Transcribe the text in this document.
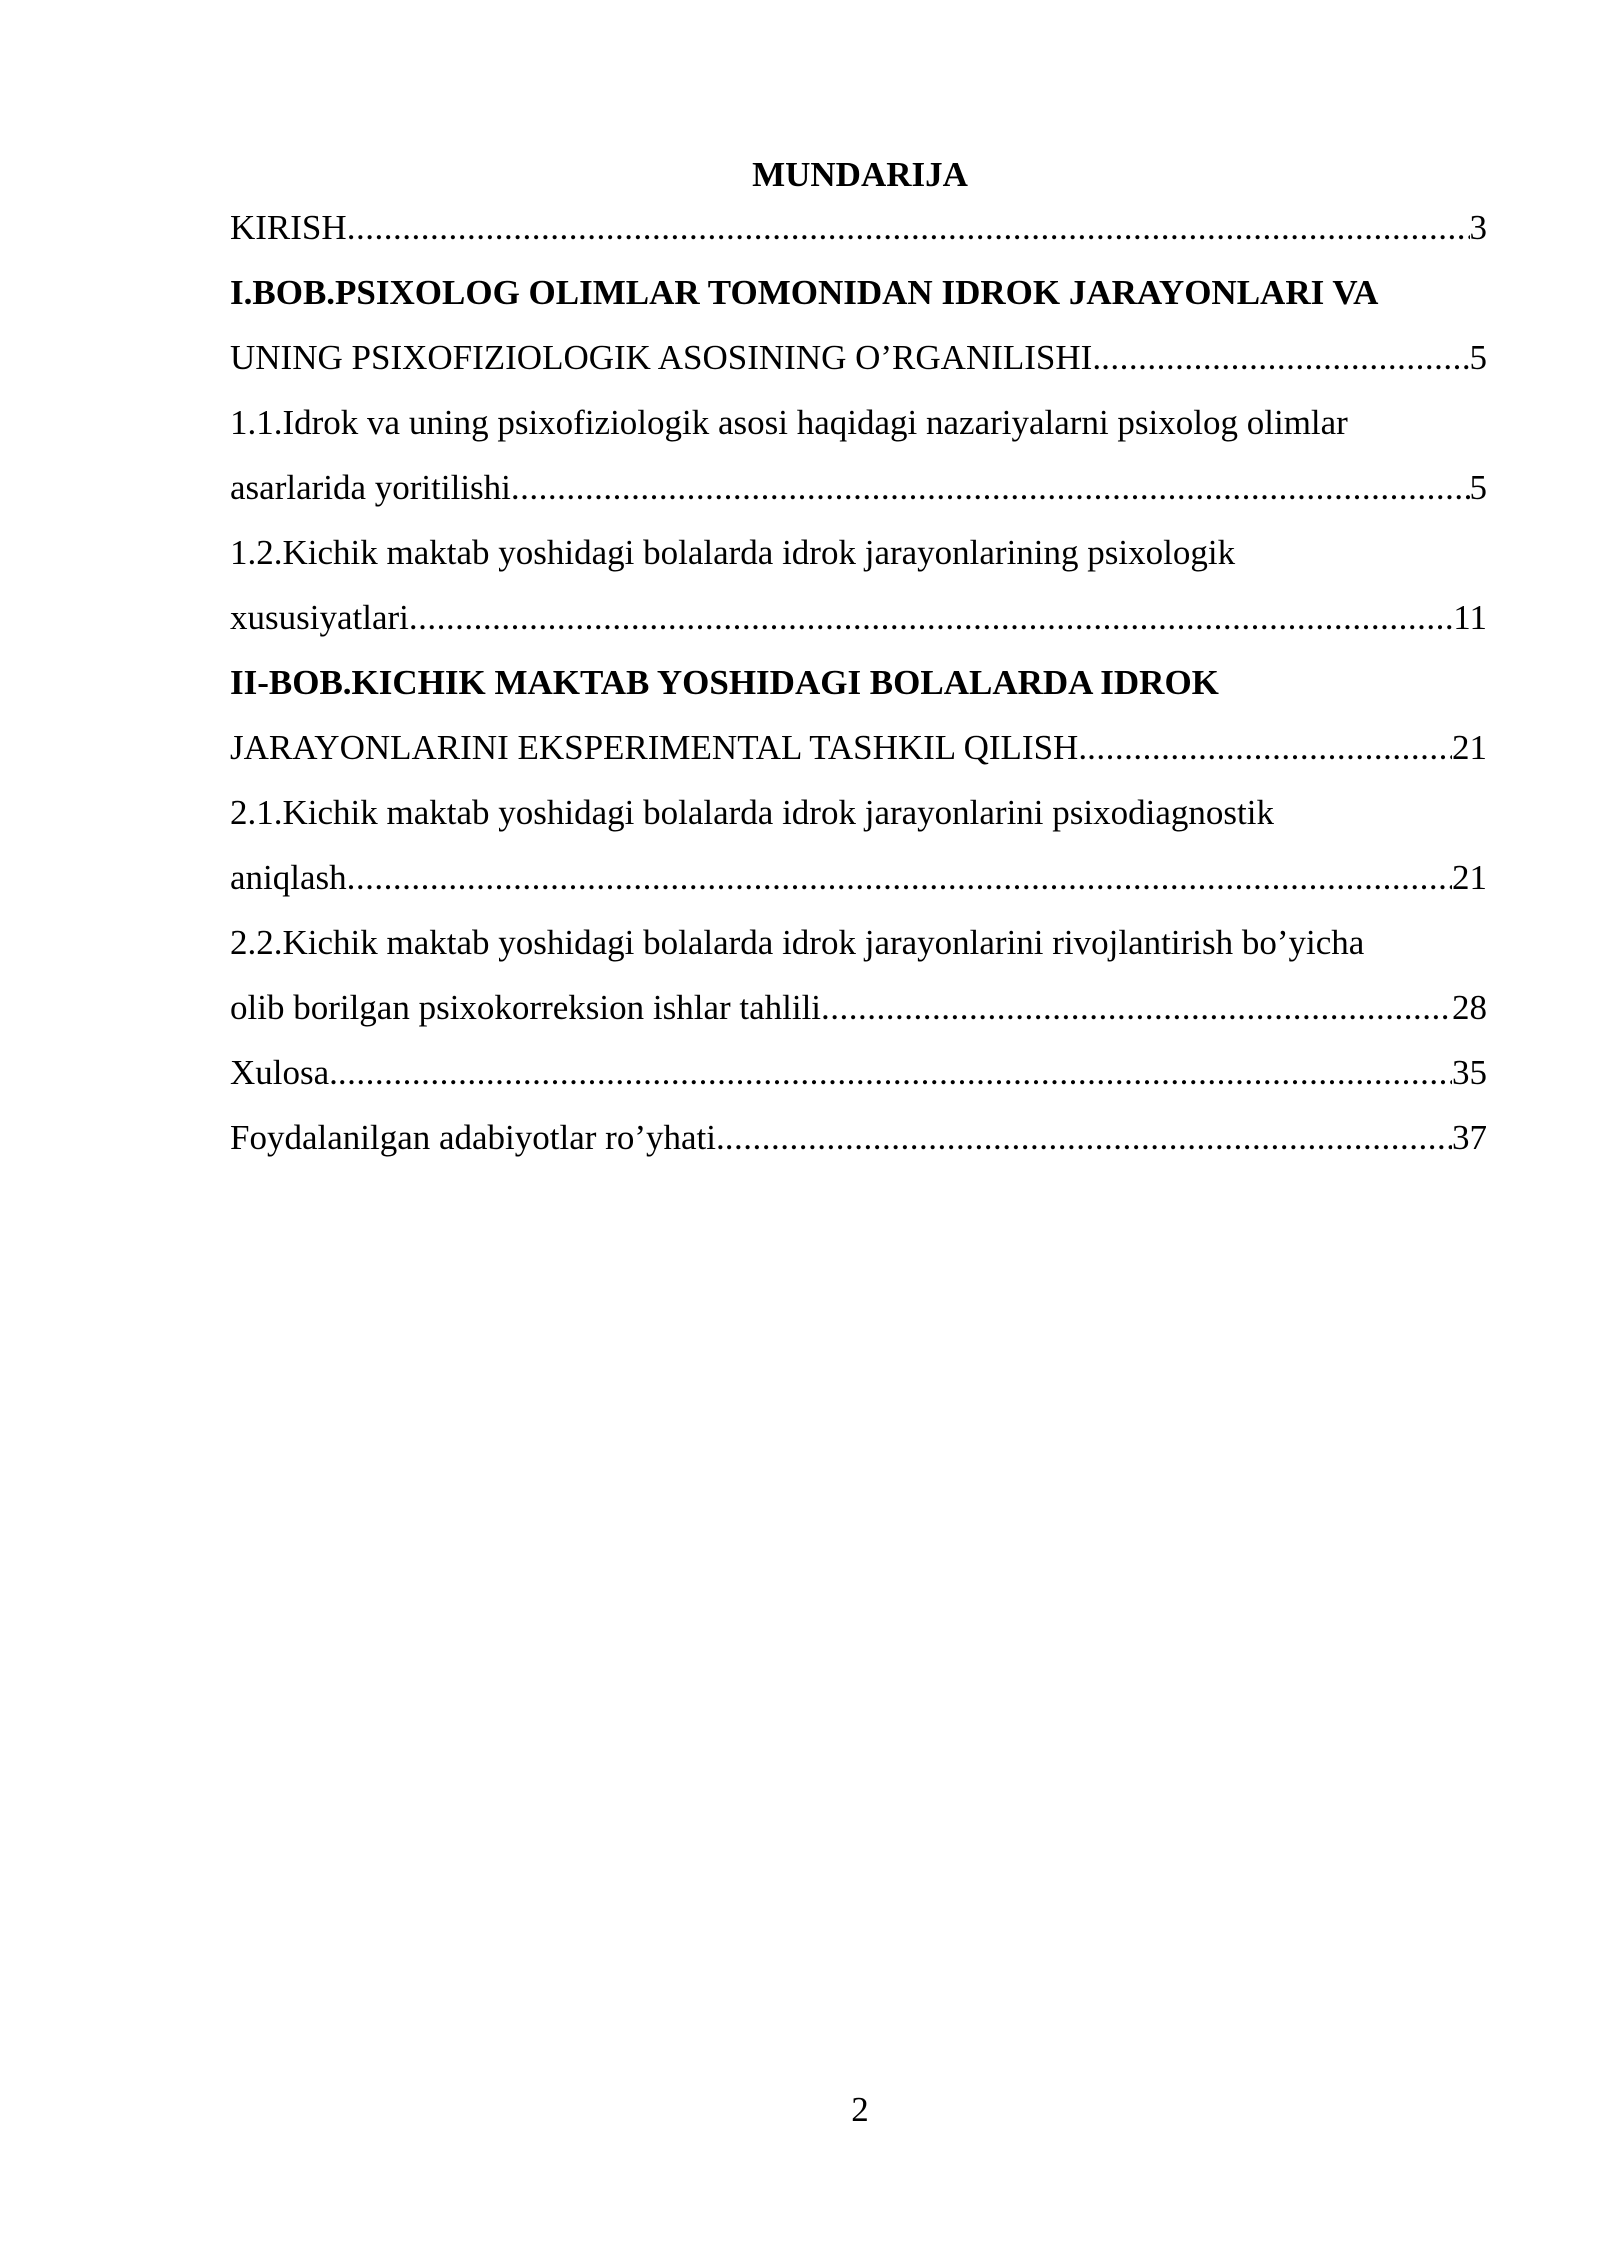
MUNDARIJA
KIRISH .....	3
I.BOB.PSIXOLOG OLIMLAR TOMONIDAN IDROK JARAYONLARI VA
UNING PSIXOFIZIOLOGIK ASOSINING O’RGANILISHI. .....	5
1.1.Idrok va uning psixofiziologik asosi haqidagi nazariyalarni psixolog olimlar
asarlarida yoritilishi .....	5
1.2.Kichik maktab yoshidagi bolalarda idrok jarayonlarining psixologik
xususiyatlari .....	11
II-BOB.KICHIK MAKTAB YOSHIDAGI BOLALARDA IDROK
JARAYONLARINI EKSPERIMENTAL TASHKIL QILISH. .....	21
2.1.Kichik maktab yoshidagi bolalarda idrok jarayonlarini psixodiagnostik
aniqlash .....	21
2.2.Kichik maktab yoshidagi bolalarda idrok jarayonlarini rivojlantirish bo’yicha
olib borilgan psixokorreksion ishlar tahlili .....	28
Xulosa. .....	35
Foydalanilgan adabiyotlar ro’yhati. .....	37
2
